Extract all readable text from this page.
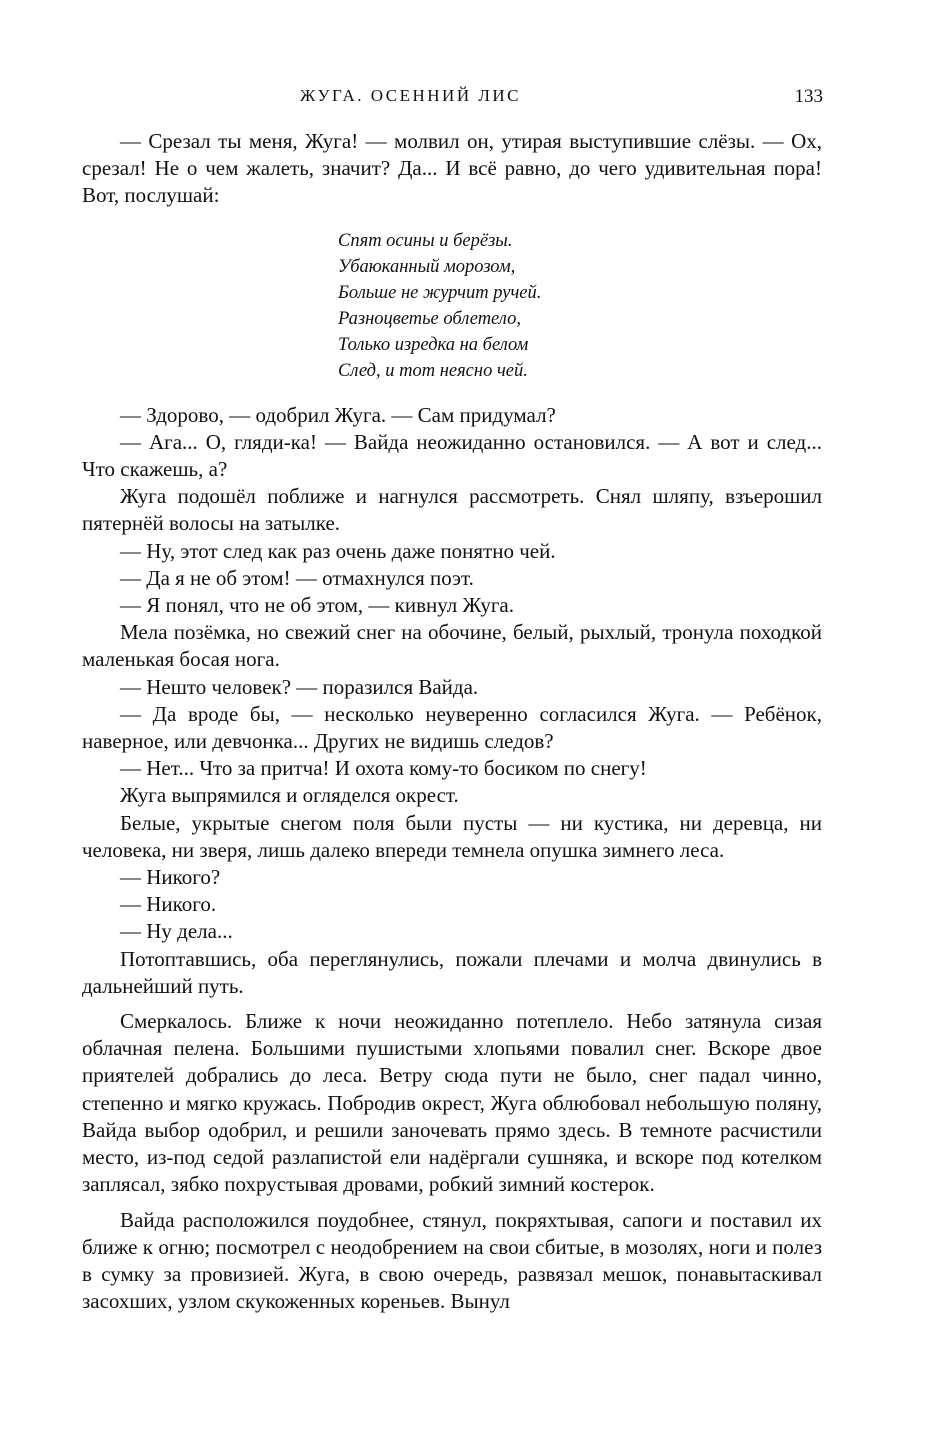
ЖУГА. ОСЕННИЙ ЛИС	133

— Срезал ты меня, Жуга! — молвил он, утирая выступившие слёзы. — Ох, срезал! Не о чем жалеть, значит? Да... И всё равно, до чего удивительная пора! Вот, послушай:

Спят осины и берёзы.
Убаюканный морозом,
Больше не журчит ручей.
Разноцветье облетело,
Только изредка на белом
След, и тот неясно чей.

— Здорово, — одобрил Жуга. — Сам придумал?

— Ага... О, гляди-ка! — Вайда неожиданно остановился. — А вот и след... Что скажешь, а?

Жуга подошёл поближе и нагнулся рассмотреть. Снял шляпу, взъерошил пятернёй волосы на затылке.

— Ну, этот след как раз очень даже понятно чей.

— Да я не об этом! — отмахнулся поэт.

— Я понял, что не об этом, — кивнул Жуга.

Мела позёмка, но свежий снег на обочине, белый, рыхлый, тронула походкой маленькая босая нога.

— Нешто человек? — поразился Вайда.

— Да вроде бы, — несколько неуверенно согласился Жуга. — Ребёнок, наверное, или девчонка... Других не видишь следов?

— Нет... Что за притча! И охота кому-то босиком по снегу!

Жуга выпрямился и огляделся окрест.

Белые, укрытые снегом поля были пусты — ни кустика, ни деревца, ни человека, ни зверя, лишь далеко впереди темнела опушка зимнего леса.

— Никого?

— Никого.

— Ну дела...

Потоптавшись, оба переглянулись, пожали плечами и молча двинулись в дальнейший путь.

Смеркалось. Ближе к ночи неожиданно потеплело. Небо затянула сизая облачная пелена. Большими пушистыми хлопьями повалил снег. Вскоре двое приятелей добрались до леса. Ветру сюда пути не было, снег падал чинно, степенно и мягко кружась. Побродив окрест, Жуга облюбовал небольшую поляну, Вайда выбор одобрил, и решили заночевать прямо здесь. В темноте расчистили место, из-под седой разлапистой ели надёргали сушняка, и вскоре под котелком заплясал, зябко похрустывая дровами, робкий зимний костерок.

Вайда расположился поудобнее, стянул, покряхтывая, сапоги и поставил их ближе к огню; посмотрел с неодобрением на свои сбитые, в мозолях, ноги и полез в сумку за провизией. Жуга, в свою очередь, развязал мешок, понавытаскивал засохших, узлом скукоженных кореньев. Вынул
